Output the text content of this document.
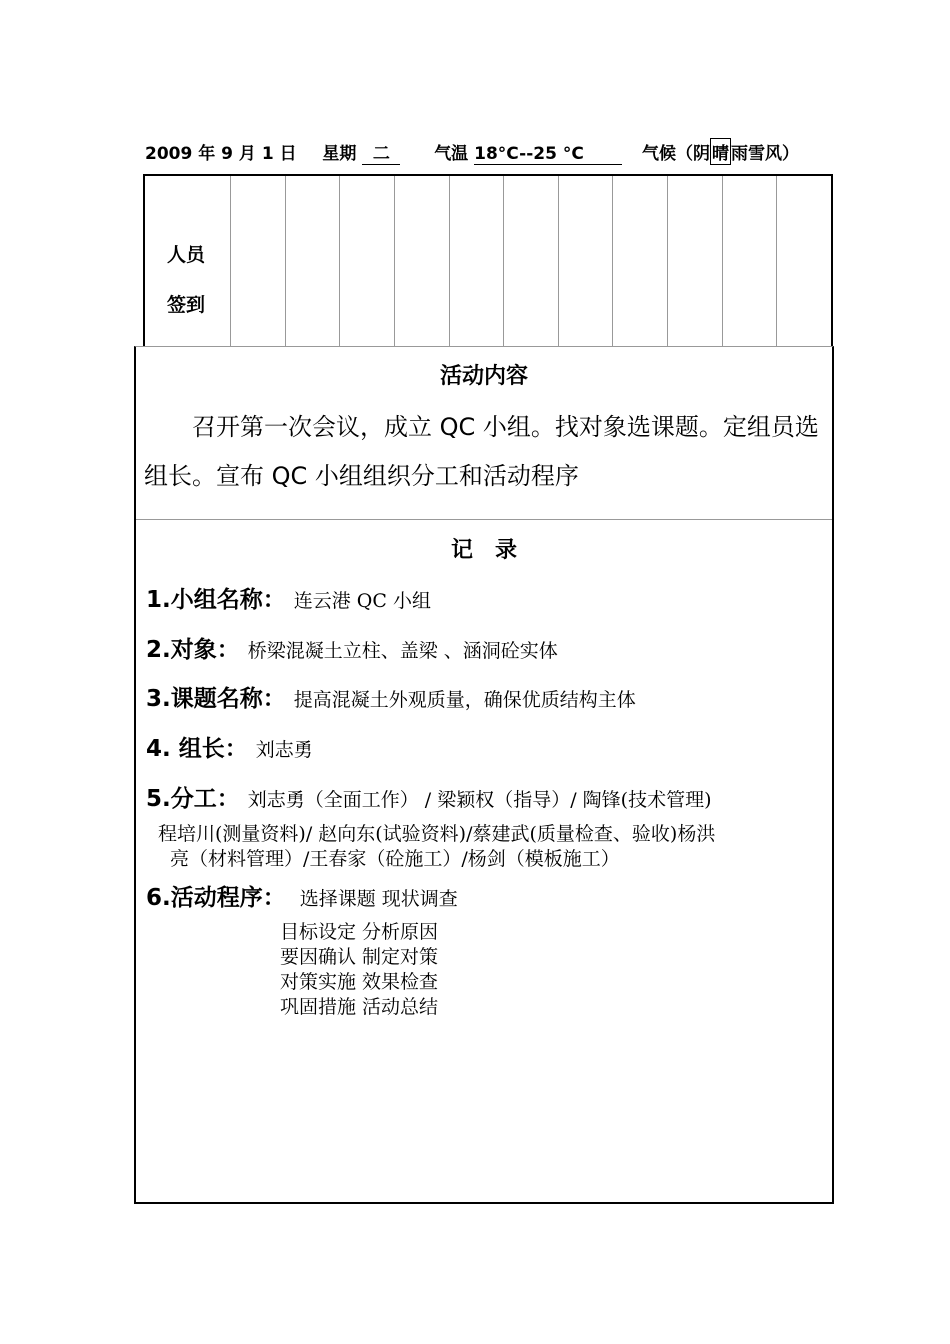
2009 年 9 月 1 日 星期 二	气温 18°C--25 °C	气候（阴 晴 雨雪风）
人员
签到
活动内容
　　召开第一次会议，成立 QC 小组。找对象选课题。定组员选组长。宣布 QC 小组组织分工和活动程序
记　录
1.小组名称： 连云港 QC 小组
2.对象： 桥梁混凝土立柱、盖梁 、涵洞砼实体
3.课题名称： 提高混凝土外观质量，确保优质结构主体
4. 组长： 刘志勇
5.分工： 刘志勇（全面工作） / 梁颖权（指导）/ 陶锋(技术管理)
程培川(测量资料)/ 赵向东(试验资料)/蔡建武(质量检查、验收)杨洪
亮（材料管理）/王春家（砼施工）/杨剑（模板施工）
6.活动程序： 选择课题 现状调查
目标设定 分析原因
要因确认 制定对策
对策实施 效果检查
巩固措施 活动总结
